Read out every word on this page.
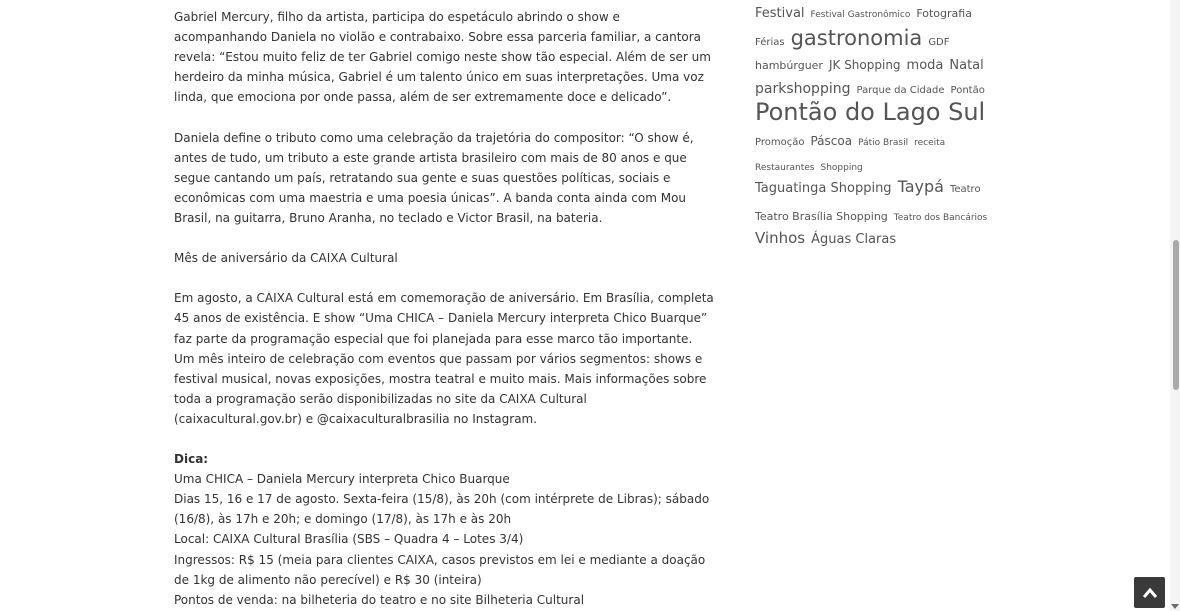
Gabriel Mercury, filho da artista, participa do espetáculo abrindo o show e acompanhando Daniela no violão e contrabaixo. Sobre essa parceria familiar, a cantora revela: “Estou muito feliz de ter Gabriel comigo neste show tão especial. Além de ser um herdeiro da minha música, Gabriel é um talento único em suas interpretações. Uma voz linda, que emociona por onde passa, além de ser extremamente doce e delicado”.

Daniela define o tributo como uma celebração da trajetória do compositor: “O show é, antes de tudo, um tributo a este grande artista brasileiro com mais de 80 anos e que segue cantando um país, retratando sua gente e suas questões políticas, sociais e econômicas com uma maestria e uma poesia únicas”. A banda conta ainda com Mou Brasil, na guitarra, Bruno Aranha, no teclado e Victor Brasil, na bateria.

Mês de aniversário da CAIXA Cultural

Em agosto, a CAIXA Cultural está em comemoração de aniversário. Em Brasília, completa 45 anos de existência. E show “Uma CHICA – Daniela Mercury interpreta Chico Buarque” faz parte da programação especial que foi planejada para esse marco tão importante. Um mês inteiro de celebração com eventos que passam por vários segmentos: shows e festival musical, novas exposições, mostra teatral e muito mais. Mais informações sobre toda a programação serão disponibilizadas no site da CAIXA Cultural (caixacultural.gov.br) e @caixaculturalbrasilia no Instagram.

Dica:

Uma CHICA – Daniela Mercury interpreta Chico Buarque

Dias 15, 16 e 17 de agosto. Sexta-feira (15/8), às 20h (com intérprete de Libras); sábado (16/8), às 17h e 20h; e domingo (17/8), às 17h e às 20h

Local: CAIXA Cultural Brasília (SBS – Quadra 4 – Lotes 3/4)

Ingressos: R$ 15 (meia para clientes CAIXA, casos previstos em lei e mediante a doação de 1kg de alimento não perecível) e R$ 30 (inteira)

Pontos de venda: na bilheteria do teatro e no site Bilheteria Cultural

Festival Festival Gastronômico Fotografia
Férias gastronomia GDF
hambúrguer JK Shopping moda Natal
parkshopping Parque da Cidade Pontão
Pontão do Lago Sul
Promoção Páscoa Pátio Brasil receita
Restaurantes Shopping
Taguatinga Shopping Taypá Teatro
Teatro Brasília Shopping Teatro dos Bancários
Vinhos Águas Claras
